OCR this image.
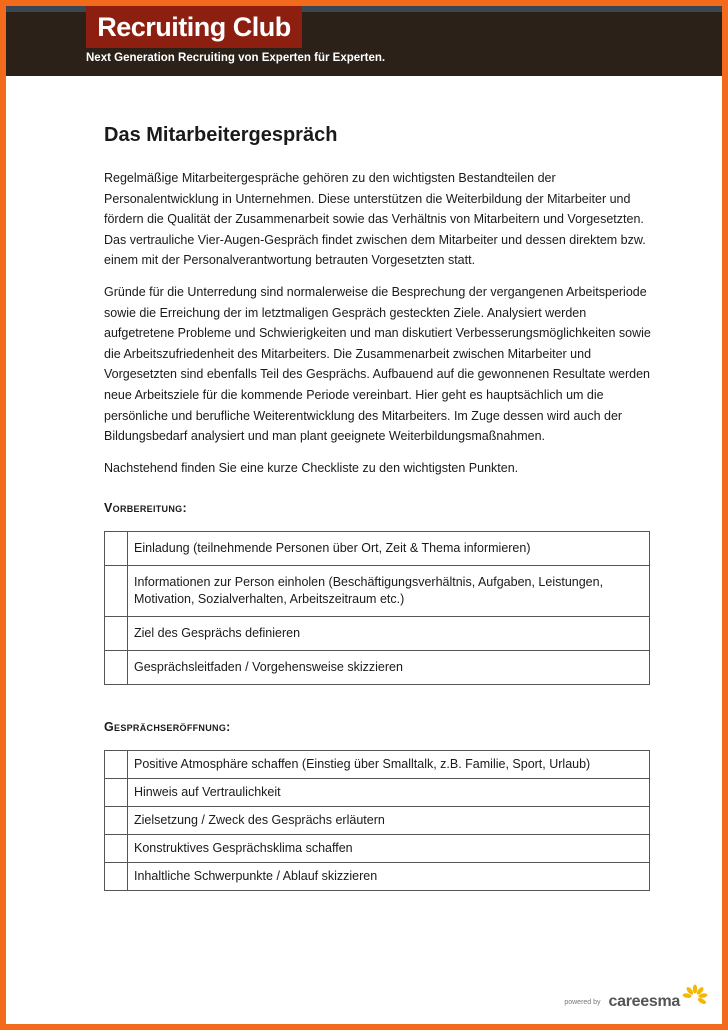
Recruiting Club
Next Generation Recruiting von Experten für Experten.
Das Mitarbeitergespräch

Regelmäßige Mitarbeitergespräche gehören zu den wichtigsten Bestandteilen der Personalentwicklung in Unternehmen. Diese unterstützen die Weiterbildung der Mitarbeiter und fördern die Qualität der Zusammenarbeit sowie das Verhältnis von Mitarbeitern und Vorgesetzten. Das vertrauliche Vier-Augen-Gespräch findet zwischen dem Mitarbeiter und dessen direktem bzw. einem mit der Personalverantwortung betrauten Vorgesetzten statt.

Gründe für die Unterredung sind normalerweise die Besprechung der vergangenen Arbeitsperiode sowie die Erreichung der im letztmaligen Gespräch gesteckten Ziele. Analysiert werden aufgetretene Probleme und Schwierigkeiten und man diskutiert Verbesserungsmöglichkeiten sowie die Arbeitszufriedenheit des Mitarbeiters. Die Zusammenarbeit zwischen Mitarbeiter und Vorgesetzten sind ebenfalls Teil des Gesprächs. Aufbauend auf die gewonnenen Resultate werden neue Arbeitsziele für die kommende Periode vereinbart. Hier geht es hauptsächlich um die persönliche und berufliche Weiterentwicklung des Mitarbeiters. Im Zuge dessen wird auch der Bildungsbedarf analysiert und man plant geeignete Weiterbildungsmaßnahmen.

Nachstehend finden Sie eine kurze Checkliste zu den wichtigsten Punkten.

Vorbereitung:
	Einladung (teilnehmende Personen über Ort, Zeit & Thema informieren)
	Informationen zur Person einholen (Beschäftigungsverhältnis, Aufgaben, Leistungen, Motivation, Sozialverhalten, Arbeitszeitraum etc.)
	Ziel des Gesprächs definieren
	Gesprächsleitfaden / Vorgehensweise skizzieren
Gesprächseröffnung:
	Positive Atmosphäre schaffen (Einstieg über Smalltalk, z.B. Familie, Sport, Urlaub)
	Hinweis auf Vertraulichkeit
	Zielsetzung / Zweck des Gesprächs erläutern
	Konstruktives Gesprächsklima schaffen
	Inhaltliche Schwerpunkte / Ablauf skizzieren
powered by careesma
